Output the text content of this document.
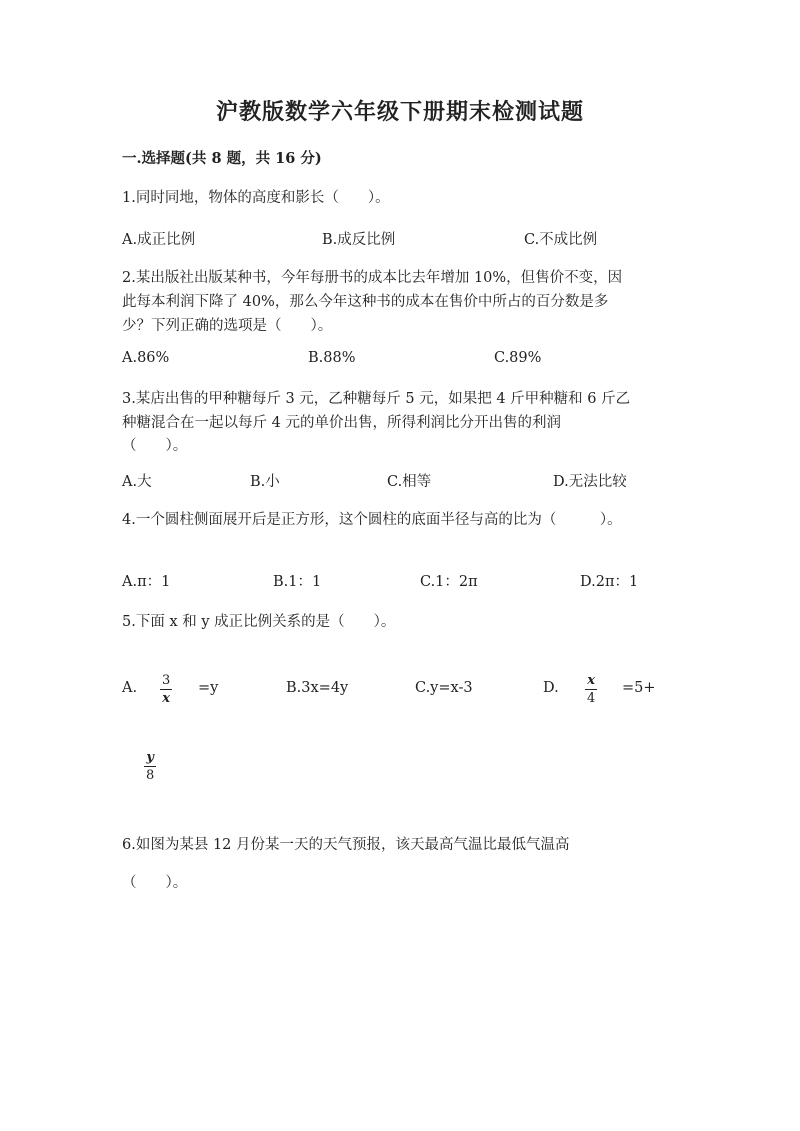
沪教版数学六年级下册期末检测试题
一.选择题(共 8 题，共 16 分)
1.同时同地，物体的高度和影长（　　）。
A.成正比例	B.成反比例	C.不成比例
2.某出版社出版某种书，今年每册书的成本比去年增加 10%，但售价不变，因
此每本利润下降了 40%，那么今年这种书的成本在售价中所占的百分数是多
少？下列正确的选项是（　　）。
A.86%	B.88%	C.89%
3.某店出售的甲种糖每斤 3 元，乙种糖每斤 5 元，如果把 4 斤甲种糖和 6 斤乙
种糖混合在一起以每斤 4 元的单价出售，所得利润比分开出售的利润
（　　）。
A.大	B.小	C.相等	D.无法比较
4.一个圆柱侧面展开后是正方形，这个圆柱的底面半径与高的比为（　　　）。
A.π：1	B.1：1	C.1：2π	D.2π：1
5.下面 x 和 y 成正比例关系的是（　　）。
A. $\frac{3}{x} =y$	B.3x=4y	C.y=x-3	D. $\frac{x}{4} =5+$
$\frac{y}{8}$
6.如图为某县 12 月份某一天的天气预报，该天最高气温比最低气温高
（　　）。
